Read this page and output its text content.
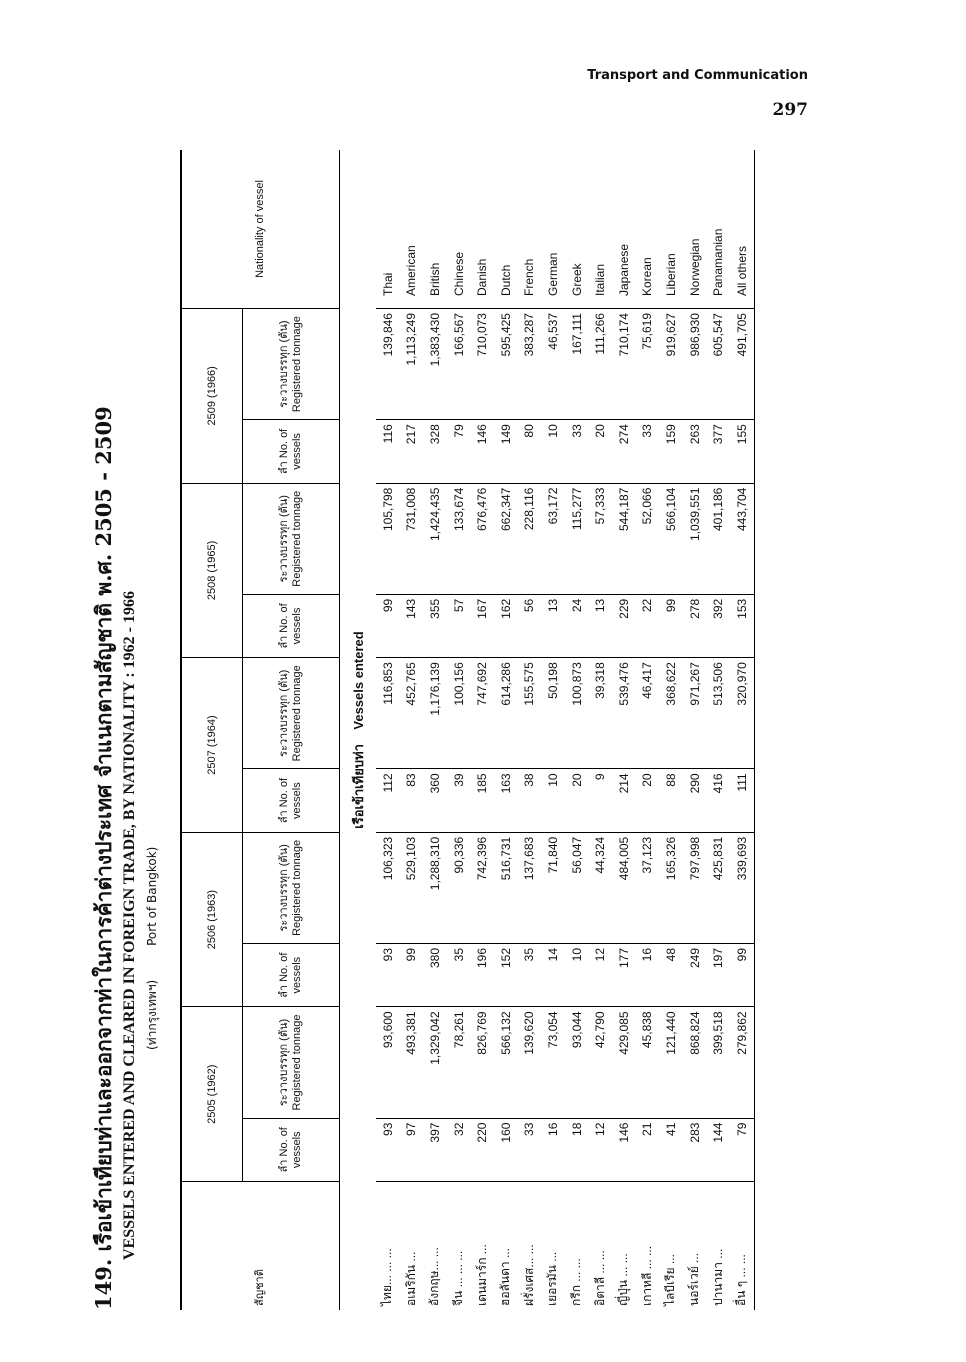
Transport and Communication
297
149. เรือเข้าเทียบท่าและออกจากท่าในการค้าต่างประเทศ จำแนกตามสัญชาติ พ.ศ. 2505 - 2509 VESSELS ENTERED AND CLEARED IN FOREIGN TRADE, BY NATIONALITY : 1962 - 1966 (ท่ากรุงเทพฯ) Port of Bangkok)
สัญชาติ	2505 (1962)		2506 (1963)		2507 (1964)		2508 (1965)		2509 (1966)		Nationality of vessel
	ลำ No. of vessels	ระวางบรรทุก (ตัน) Registered tonnage	ลำ No. of vessels	ระวางบรรทุก (ตัน) Registered tonnage	ลำ No. of vessels	ระวางบรรทุก (ตัน) Registered tonnage	ลำ No. of vessels	ระวางบรรทุก (ตัน) Registered tonnage	ลำ No. of vessels	ระวางบรรทุก (ตัน) Registered tonnage	
เรือเข้าเทียบท่า    Vessels entered											
ไทย... ... ...	93	93,600	93	106,323	112	116,853	99	105,798	116	139,846	Thai
อเมริกัน ...	97	493,381	99	529,103	83	452,765	143	731,008	217	1,113,249	American
อังกฤษ... ...	397	1,329,042	380	1,288,310	360	1,176,139	355	1,424,435	328	1,383,430	British
จีน ... ... ...	32	78,261	35	90,336	39	100,156	57	133,674	79	166,567	Chinese
เดนมาร์ก ...	220	826,769	196	742,396	185	747,692	167	676,476	146	710,073	Danish
ฮอลันดา ...	160	566,132	152	516,731	163	614,286	162	662,347	149	595,425	Dutch
ฝรั่งเศส... ...	33	139,620	35	137,683	38	155,575	56	228,116	80	383,287	French
เยอรมัน ...	16	73,054	14	71,840	10	50,198	13	63,172	10	46,537	German
กรีก ... ...	18	93,044	10	56,047	20	100,873	24	115,277	33	167,111	Greek
อิตาลี ... ...	12	42,790	12	44,324	9	39,318	13	57,333	20	111,266	Italian
ญี่ปุ่น ... ...	146	429,085	177	484,005	214	539,476	229	544,187	274	710,174	Japanese
เกาหลี ... ...	21	45,838	16	37,123	20	46,417	22	52,066	33	75,619	Korean
ไลบีเรีย ...	41	121,440	48	165,326	88	368,622	99	566,104	159	919,627	Liberian
นอร์เวย์ ...	283	868,824	249	797,998	290	971,267	278	1,039,551	263	986,930	Norwegian
ปานามา ...	144	399,518	197	425,831	416	513,506	392	401,186	377	605,547	Panamanian
อื่น ๆ ... ...	79	279,862	99	339,693	111	320,970	153	443,704	155	491,705	All others
